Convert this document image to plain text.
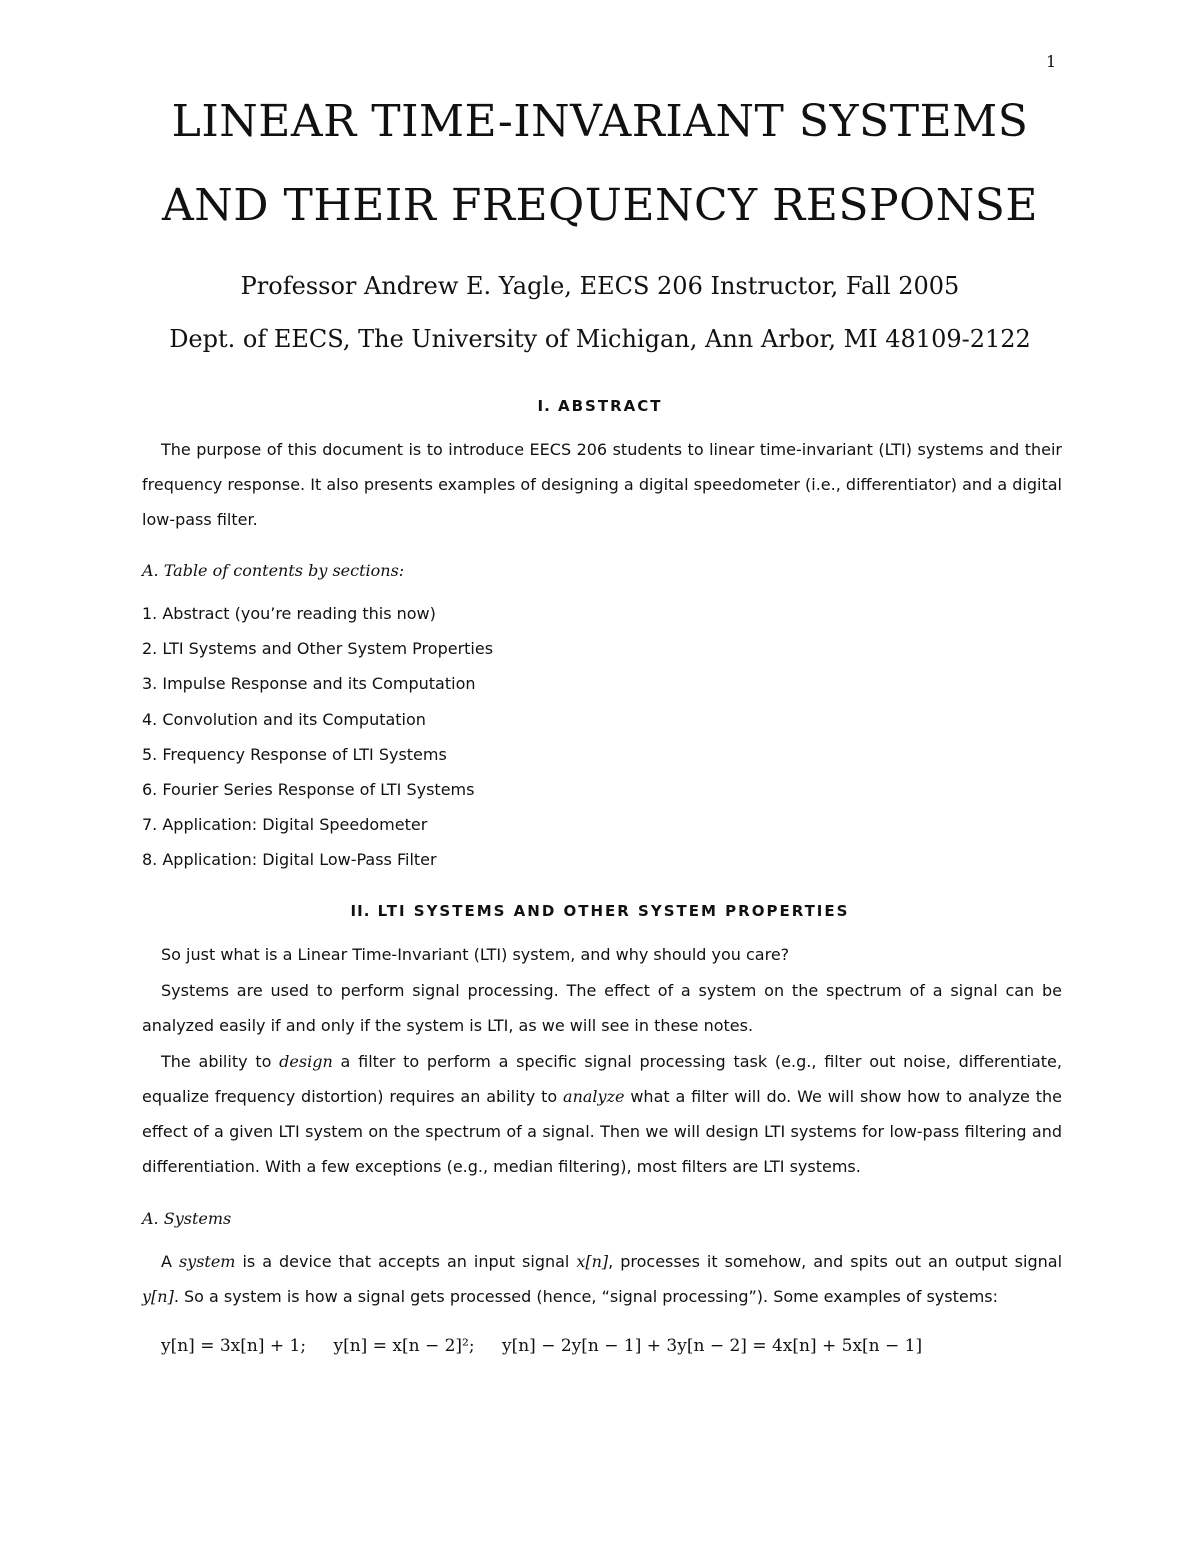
1
LINEAR TIME-INVARIANT SYSTEMS
AND THEIR FREQUENCY RESPONSE

Professor Andrew E. Yagle, EECS 206 Instructor, Fall 2005

Dept. of EECS, The University of Michigan, Ann Arbor, MI 48109-2122

I. ABSTRACT

The purpose of this document is to introduce EECS 206 students to linear time-invariant (LTI) systems and their frequency response. It also presents examples of designing a digital speedometer (i.e., differentiator) and a digital low-pass filter.

A. Table of contents by sections:

1. Abstract (you’re reading this now)

2. LTI Systems and Other System Properties

3. Impulse Response and its Computation

4. Convolution and its Computation

5. Frequency Response of LTI Systems

6. Fourier Series Response of LTI Systems

7. Application: Digital Speedometer

8. Application: Digital Low-Pass Filter

II. LTI SYSTEMS AND OTHER SYSTEM PROPERTIES

So just what is a Linear Time-Invariant (LTI) system, and why should you care?

Systems are used to perform signal processing. The effect of a system on the spectrum of a signal can be analyzed easily if and only if the system is LTI, as we will see in these notes.

The ability to design a filter to perform a specific signal processing task (e.g., filter out noise, differentiate, equalize frequency distortion) requires an ability to analyze what a filter will do. We will show how to analyze the effect of a given LTI system on the spectrum of a signal. Then we will design LTI systems for low-pass filtering and differentiation. With a few exceptions (e.g., median filtering), most filters are LTI systems.

A. Systems

A system is a device that accepts an input signal x[n], processes it somehow, and spits out an output signal y[n]. So a system is how a signal gets processed (hence, “signal processing”). Some examples of systems:

y[n] = 3x[n] + 1; y[n] = x[n − 2]²; y[n] − 2y[n − 1] + 3y[n − 2] = 4x[n] + 5x[n − 1]
